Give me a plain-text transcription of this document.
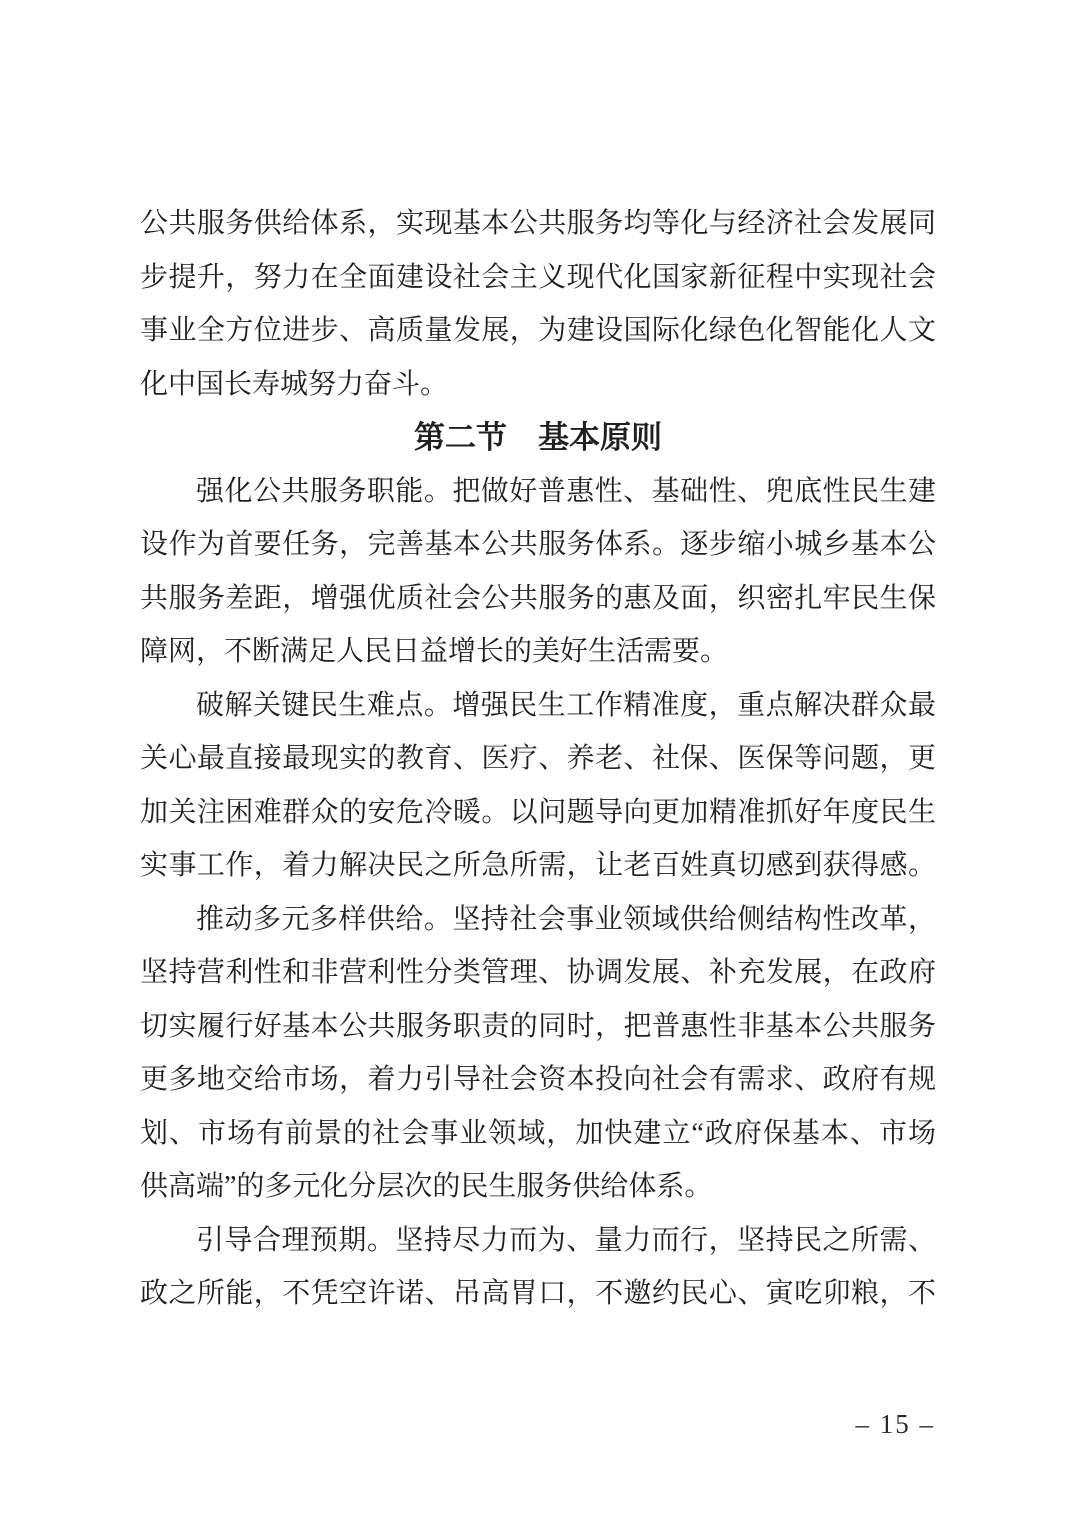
公共服务供给体系，实现基本公共服务均等化与经济社会发展同
步提升，努力在全面建设社会主义现代化国家新征程中实现社会
事业全方位进步、高质量发展，为建设国际化绿色化智能化人文
化中国长寿城努力奋斗。
第二节　基本原则
强化公共服务职能。把做好普惠性、基础性、兜底性民生建
设作为首要任务，完善基本公共服务体系。逐步缩小城乡基本公
共服务差距，增强优质社会公共服务的惠及面，织密扎牢民生保
障网，不断满足人民日益增长的美好生活需要。
破解关键民生难点。增强民生工作精准度，重点解决群众最
关心最直接最现实的教育、医疗、养老、社保、医保等问题，更
加关注困难群众的安危冷暖。以问题导向更加精准抓好年度民生
实事工作，着力解决民之所急所需，让老百姓真切感到获得感。
推动多元多样供给。坚持社会事业领域供给侧结构性改革，
坚持营利性和非营利性分类管理、协调发展、补充发展，在政府
切实履行好基本公共服务职责的同时，把普惠性非基本公共服务
更多地交给市场，着力引导社会资本投向社会有需求、政府有规
划、市场有前景的社会事业领域，加快建立“政府保基本、市场
供高端”的多元化分层次的民生服务供给体系。
引导合理预期。坚持尽力而为、量力而行，坚持民之所需、
政之所能，不凭空许诺、吊高胃口，不邀约民心、寅吃卯粮，不
– 15 –
